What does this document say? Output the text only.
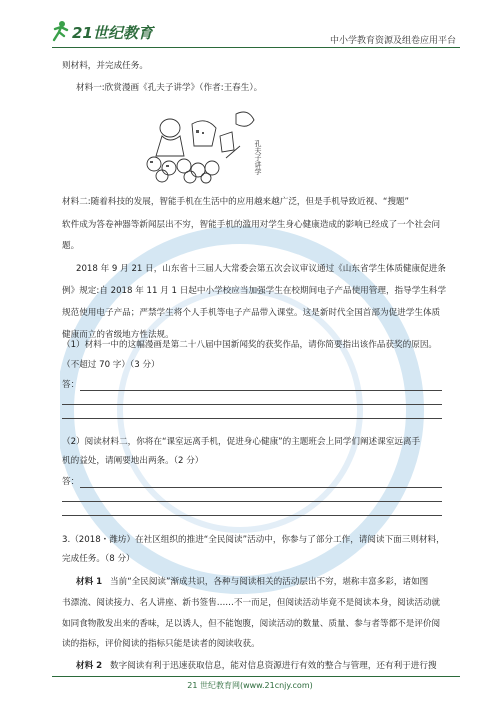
21世纪教育	中小学教育资源及组卷应用平台
则材料，并完成任务。
材料一:欣赏漫画《孔夫子讲学》（作者:王春生）。
孔夫子讲学
材料二:随着科技的发展，智能手机在生活中的应用越来越广泛，但是手机导致近视、“搜题”
软件成为答卷神器等新闻层出不穷，智能手机的滥用对学生身心健康造成的影响已经成了一个社会问
题。
2018 年 9 月 21 日，山东省十三届人大常委会第五次会议审议通过《山东省学生体质健康促进条
例》规定:自 2018 年 11 月 1 日起中小学校应当加强学生在校期间电子产品使用管理，指导学生科学
规范使用电子产品；严禁学生将个人手机等电子产品带入课堂。这是新时代全国首部为促进学生体质
健康而立的省级地方性法规。
（1）材料一中的这幅漫画是第二十八届中国新闻奖的获奖作品，请你简要指出该作品获奖的原因。
（不超过 70 字）（3 分）
答：
（2）阅读材料二，你将在“课室远离手机，促进身心健康”的主题班会上同学们阐述课室远离手
机的益处，请阐要地出两条。（2 分）
答：
3.（2018・潍坊）在社区组织的推进“全民阅读”活动中，你参与了部分工作，请阅读下面三则材料，
完成任务。（8 分）
材料 1 当前“全民阅读”渐成共识，各种与阅读相关的活动层出不穷，堪称丰富多彩，诸如图
书漂流、阅读接力、名人讲座、新书签售……不一而足，但阅读活动毕竟不是阅读本身，阅读活动就
如同食物散发出来的香味，足以诱人，但不能饱腹，阅读活动的数量、质量、参与者等都不是评价阅
读的指标，评价阅读的指标只能是读者的阅读收获。
材料 2 数字阅读有利于迅速获取信息，能对信息资源进行有效的整合与管理，还有利于进行搜
21 世纪教育网(www.21cnjy.com)
